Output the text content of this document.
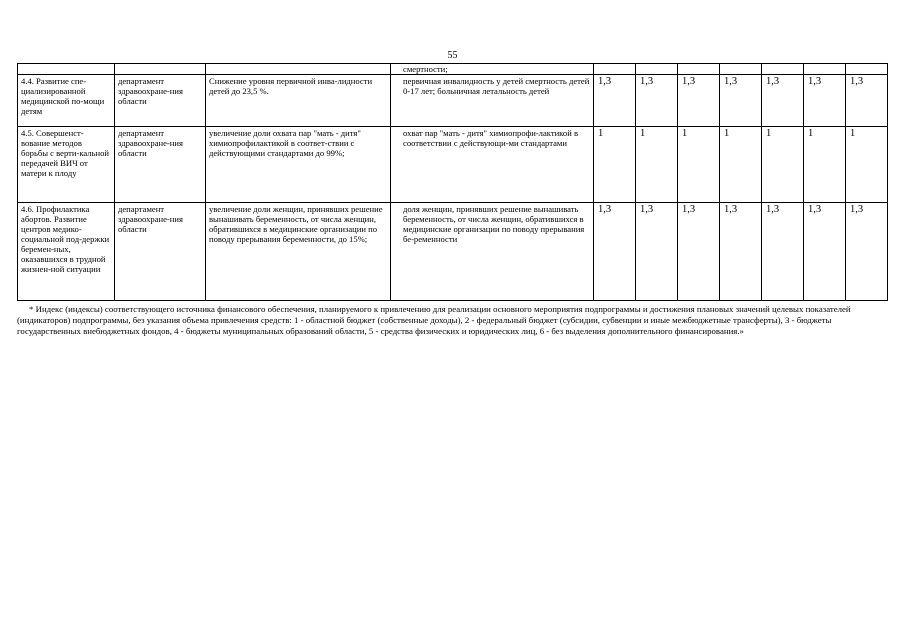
55
			смертности;							
4.4. Развитие спе-циализированной медицинской по-мощи детям	департамент здравоохране-ния области	Снижение уровня первичной инва-лидности детей до 23,5 %.	первичная инвалидность у детей смертность детей 0-17 лет; больничная летальность детей	1,3	1,3	1,3	1,3	1,3	1,3	1,3
4.5. Совершенст-вование методов борьбы с верти-кальной передачей ВИЧ от матери к плоду	департамент здравоохране-ния области	увеличение доли охвата пар "мать - дитя" химиопрофилактикой в соответ-ствии с действующими стандартами до 99%;	охват пар "мать - дитя" химиопрофи-лактикой в соответствии с действующи-ми стандартами	1	1	1	1	1	1	1
4.6. Профилактика абортов. Развитие центров медико-социальной под-держки беремен-ных, оказавшихся в трудной жизнен-ной ситуации	департамент здравоохране-ния области	увеличение доли женщин, принявших решение вынашивать беременность, от числа женщин, обратившихся в медицинские организации по поводу прерывания беременности, до 15%;	доля женщин, принявших решение вынашивать беременность, от числа женщин, обратившихся в медицинские организации по поводу прерывания бе-ременности	1,3	1,3	1,3	1,3	1,3	1,3	1,3
* Индекс (индексы) соответствующего источника финансового обеспечения, планируемого к привлечению для реализации основного мероприятия подпрограммы и достижения плановых значений целевых показателей (индикаторов) подпрограммы, без указания объема привлечения средств: 1 - областной бюджет (собственные доходы), 2 - федеральный бюджет (субсидии, субвенции и иные межбюджетные трансферты), 3 - бюджеты государственных внебюджетных фондов, 4 - бюджеты муниципальных образований области, 5 - средства физических и юридических лиц, 6 - без выделения дополнительного финансирования.»
